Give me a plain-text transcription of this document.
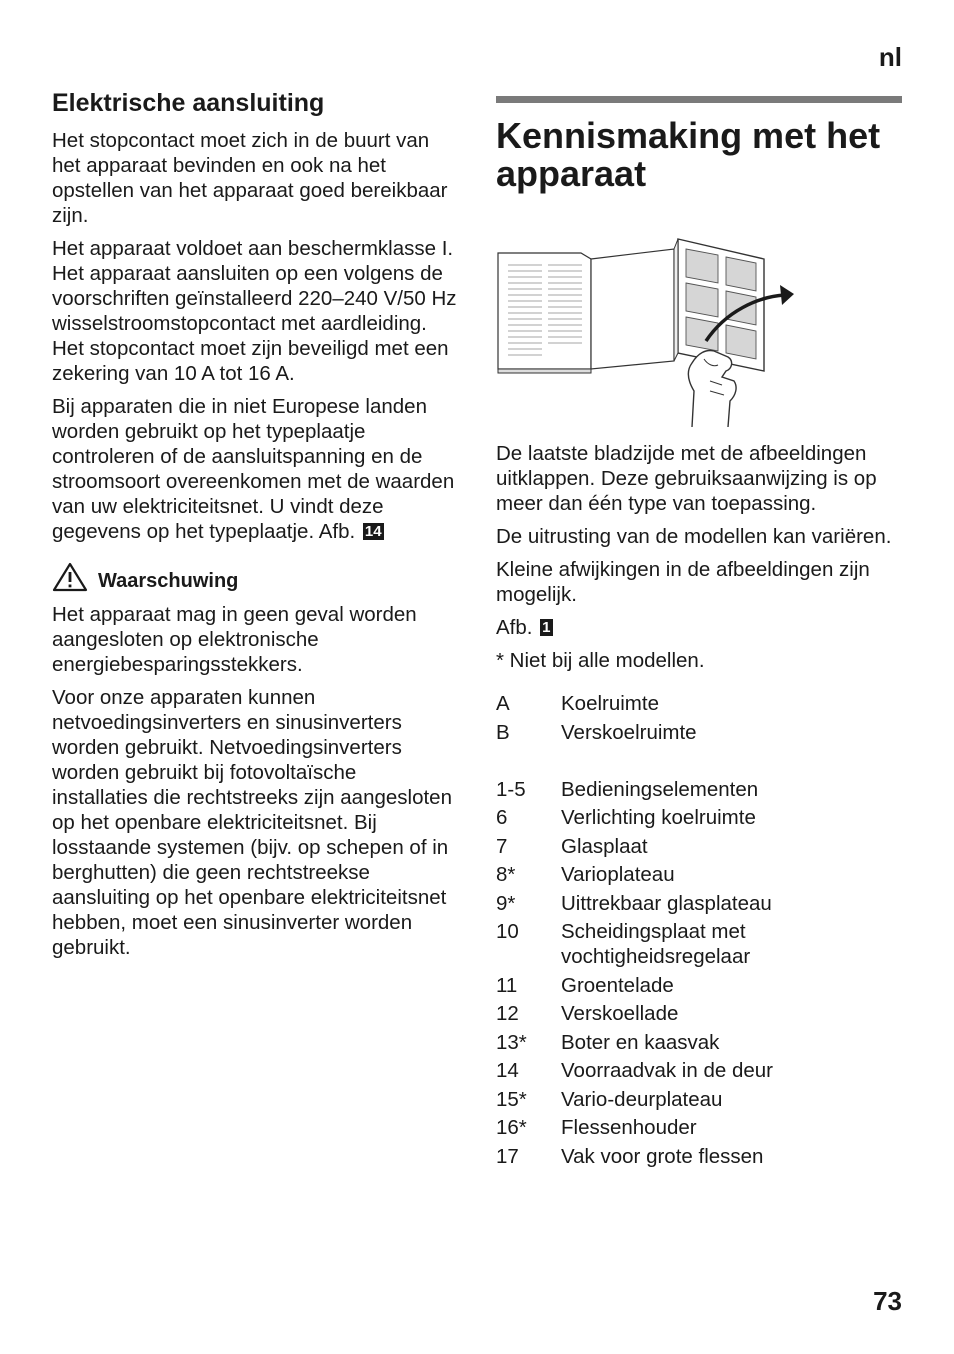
nl
Elektrische aansluiting

Het stopcontact moet zich in de buurt van het apparaat bevinden en ook na het opstellen van het apparaat goed bereikbaar zijn.

Het apparaat voldoet aan beschermklasse I. Het apparaat aansluiten op een volgens de voorschriften geïnstalleerd 220–240 V/50 Hz wisselstroomstopcontact met aardleiding. Het stopcontact moet zijn beveiligd met een zekering van 10 A tot 16 A.

Bij apparaten die in niet Europese landen worden gebruikt op het typeplaatje controleren of de aansluitspanning en de stroomsoort overeenkomen met de waarden van uw elektriciteitsnet. U vindt deze gegevens op het typeplaatje. Afb. 14

Waarschuwing

Het apparaat mag in geen geval worden aangesloten op elektronische energiebesparingsstekkers.

Voor onze apparaten kunnen netvoedingsinverters en sinusinverters worden gebruikt. Netvoedingsinverters worden gebruikt bij fotovoltaïsche installaties die rechtstreeks zijn aangesloten op het openbare elektriciteitsnet. Bij losstaande systemen (bijv. op schepen of in berghutten) die geen rechtstreekse aansluiting op het openbare elektriciteitsnet hebben, moet een sinusinverter worden gebruikt.

Kennismaking met het apparaat

De laatste bladzijde met de afbeeldingen uitklappen. Deze gebruiksaanwijzing is op meer dan één type van toepassing.

De uitrusting van de modellen kan variëren.

Kleine afwijkingen in de afbeeldingen zijn mogelijk.

Afb. 1

* Niet bij alle modellen.

A	Koelruimte
B	Verskoelruimte
1-5	Bedieningselementen
6	Verlichting koelruimte
7	Glasplaat
8*	Varioplateau
9*	Uittrekbaar glasplateau
10	Scheidingsplaat met vochtigheidsregelaar
11	Groentelade
12	Verskoellade
13*	Boter en kaasvak
14	Voorraadvak in de deur
15*	Vario-deurplateau
16*	Flessenhouder
17	Vak voor grote flessen
73
